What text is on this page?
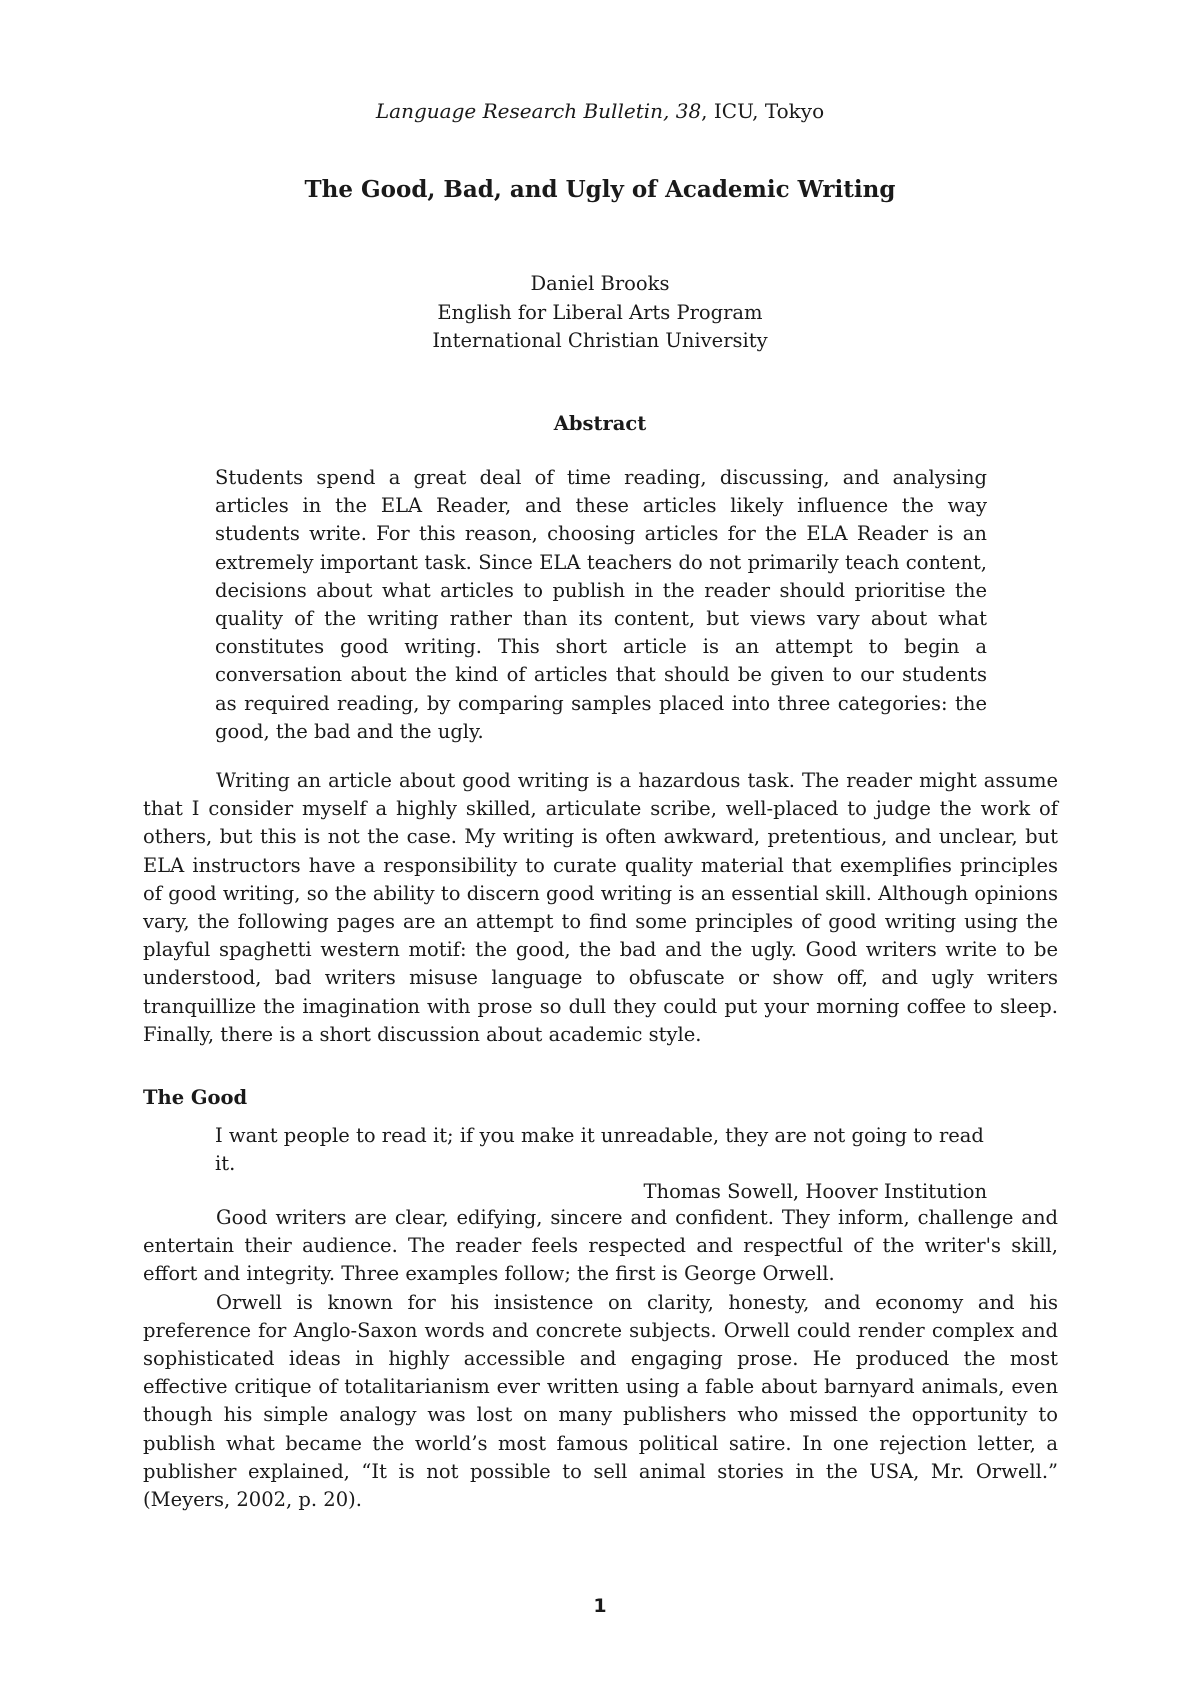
Language Research Bulletin, 38, ICU, Tokyo
The Good, Bad, and Ugly of Academic Writing
Daniel Brooks
English for Liberal Arts Program
International Christian University
Abstract
Students spend a great deal of time reading, discussing, and analysing articles in the ELA Reader, and these articles likely influence the way students write. For this reason, choosing articles for the ELA Reader is an extremely important task. Since ELA teachers do not primarily teach content, decisions about what articles to publish in the reader should prioritise the quality of the writing rather than its content, but views vary about what constitutes good writing. This short article is an attempt to begin a conversation about the kind of articles that should be given to our students as required reading, by comparing samples placed into three categories: the good, the bad and the ugly.
Writing an article about good writing is a hazardous task. The reader might assume that I consider myself a highly skilled, articulate scribe, well-placed to judge the work of others, but this is not the case. My writing is often awkward, pretentious, and unclear, but ELA instructors have a responsibility to curate quality material that exemplifies principles of good writing, so the ability to discern good writing is an essential skill. Although opinions vary, the following pages are an attempt to find some principles of good writing using the playful spaghetti western motif: the good, the bad and the ugly. Good writers write to be understood, bad writers misuse language to obfuscate or show off, and ugly writers tranquillize the imagination with prose so dull they could put your morning coffee to sleep. Finally, there is a short discussion about academic style.
The Good
I want people to read it; if you make it unreadable, they are not going to read it.
Thomas Sowell, Hoover Institution
Good writers are clear, edifying, sincere and confident. They inform, challenge and entertain their audience. The reader feels respected and respectful of the writer's skill, effort and integrity. Three examples follow; the first is George Orwell.
Orwell is known for his insistence on clarity, honesty, and economy and his preference for Anglo-Saxon words and concrete subjects. Orwell could render complex and sophisticated ideas in highly accessible and engaging prose. He produced the most effective critique of totalitarianism ever written using a fable about barnyard animals, even though his simple analogy was lost on many publishers who missed the opportunity to publish what became the world’s most famous political satire. In one rejection letter, a publisher explained, “It is not possible to sell animal stories in the USA, Mr. Orwell.” (Meyers, 2002, p. 20).
1
